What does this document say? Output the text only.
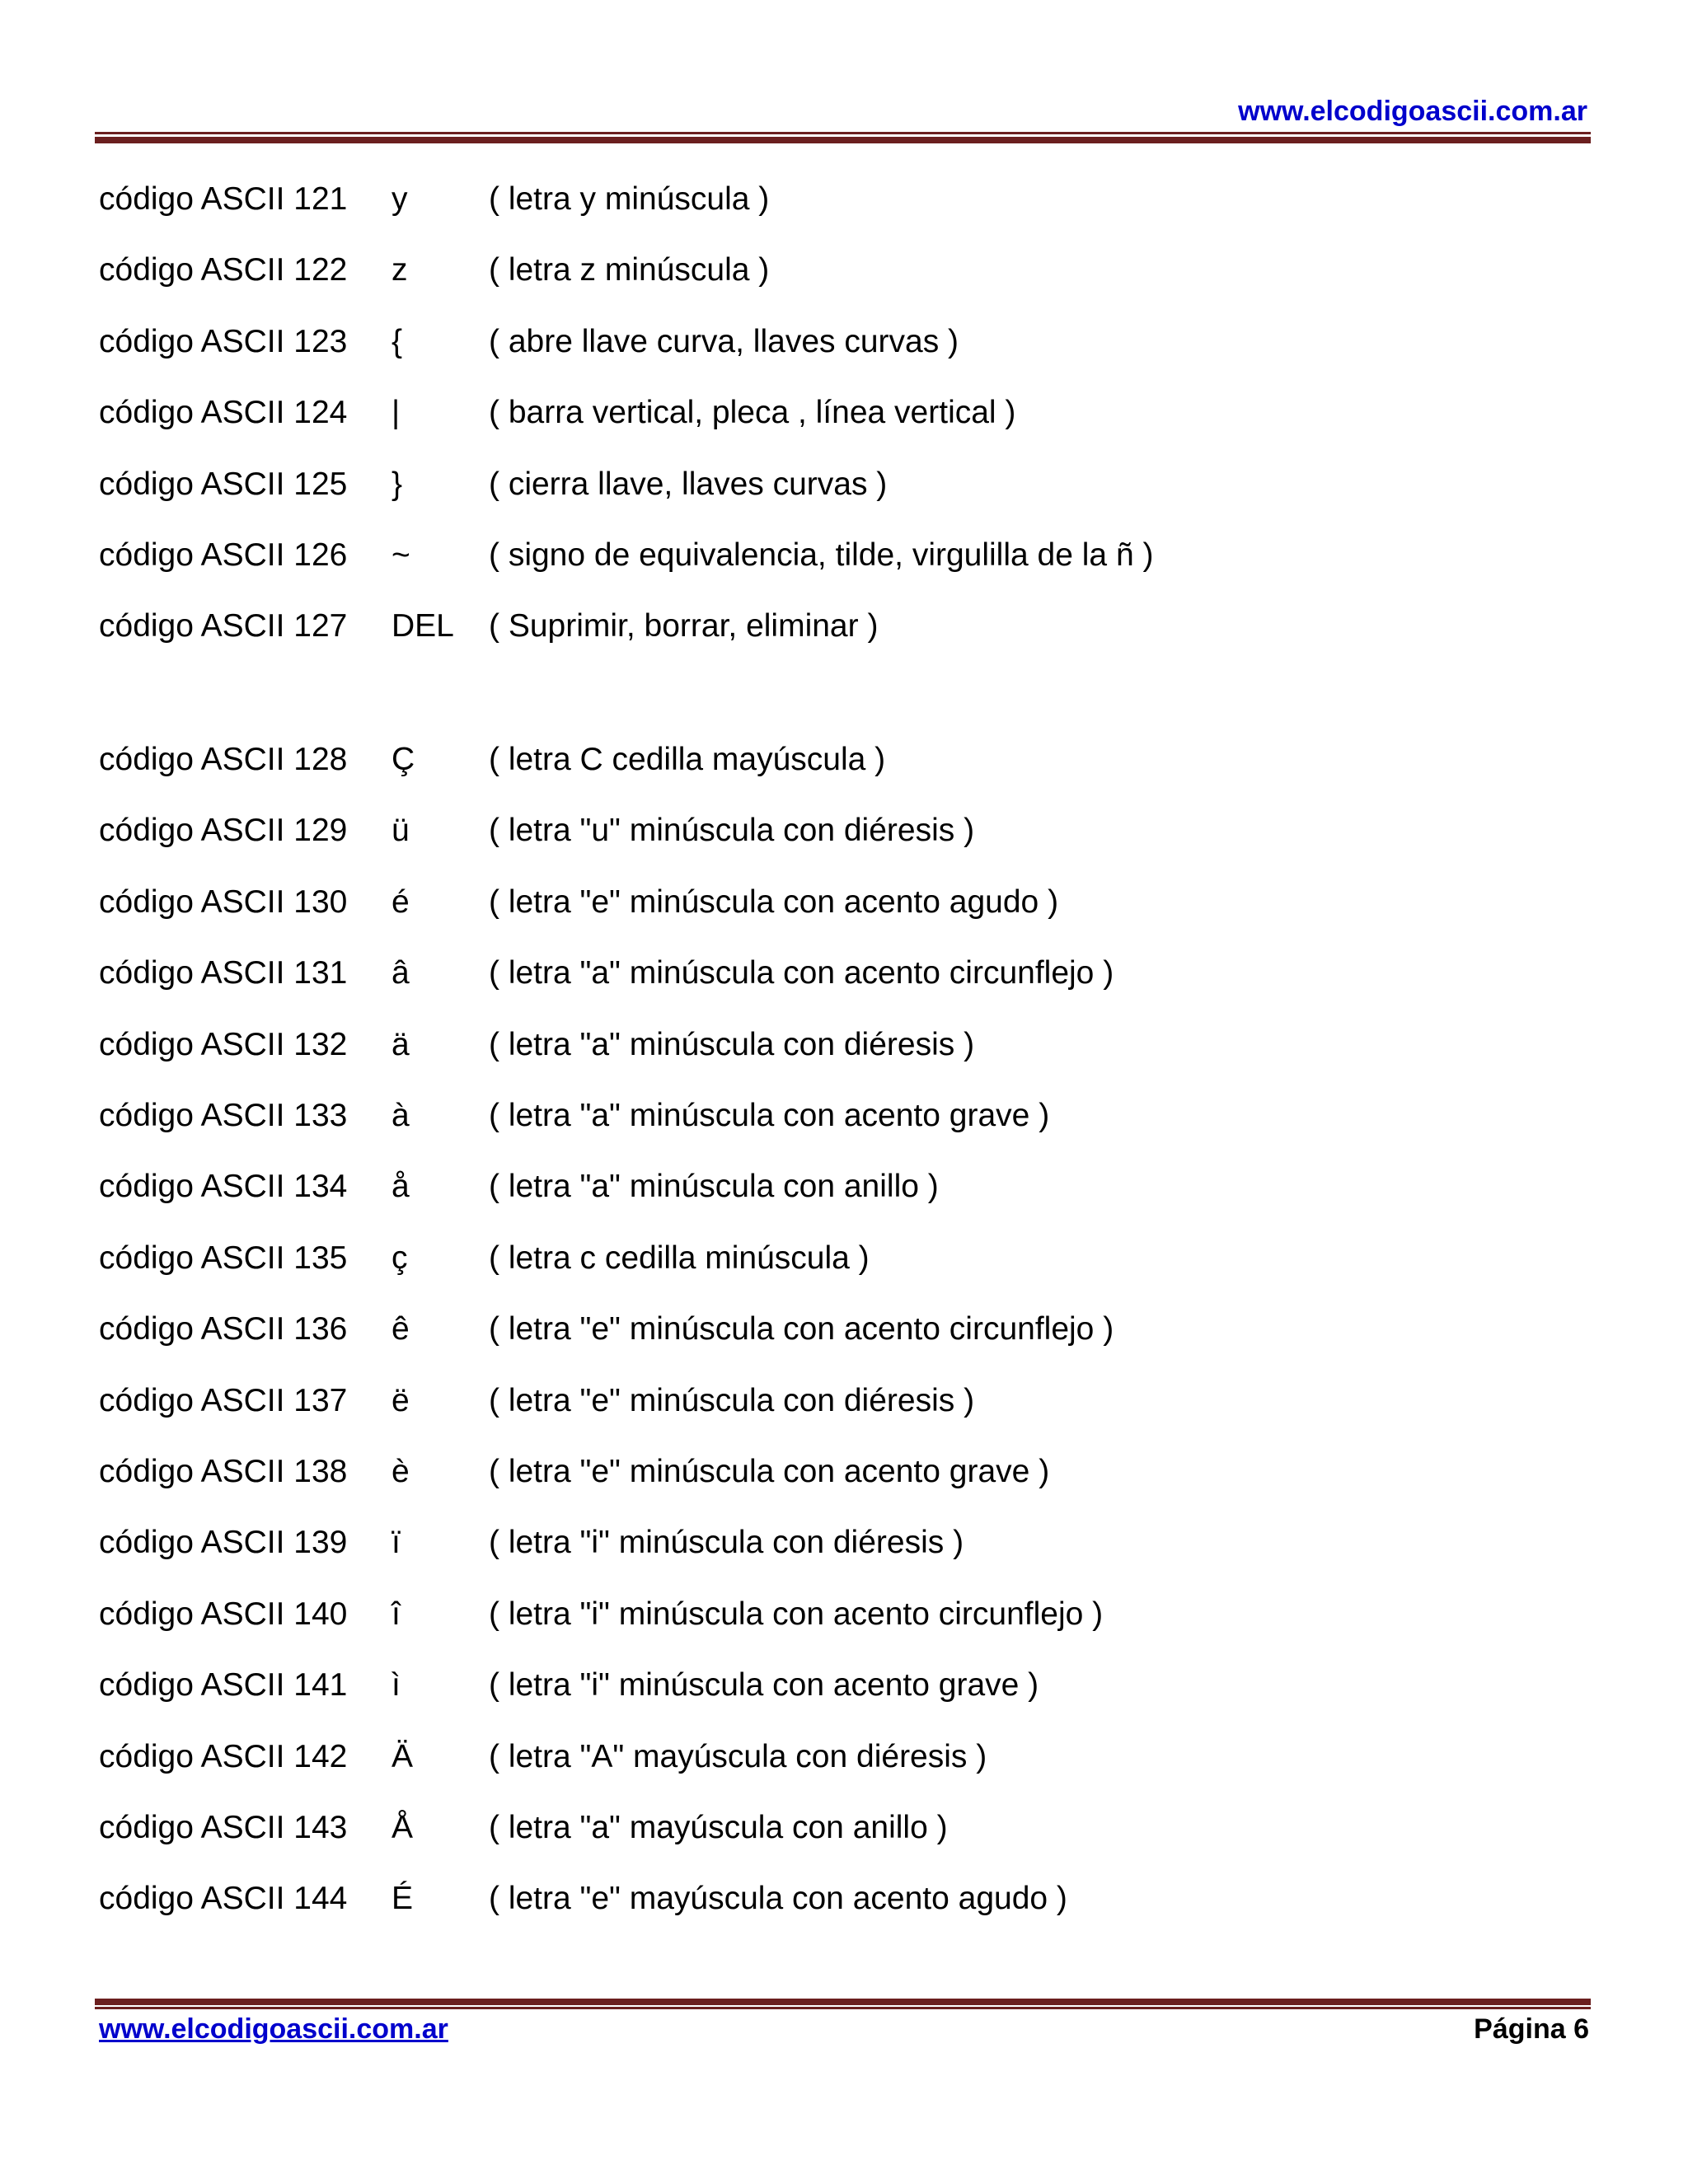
www.elcodigoascii.com.ar
código ASCII 121	y	( letra y minúscula )
código ASCII 122	z	( letra z minúscula )
código ASCII 123	{	( abre llave curva, llaves curvas )
código ASCII 124	|	( barra vertical, pleca , línea vertical )
código ASCII 125	}	( cierra llave, llaves curvas )
código ASCII 126	~	( signo de equivalencia, tilde, virgulilla de la ñ )
código ASCII 127	DEL	( Suprimir, borrar, eliminar )
código ASCII 128	Ç	( letra C cedilla mayúscula )
código ASCII 129	ü	( letra "u" minúscula con diéresis )
código ASCII 130	é	( letra "e" minúscula con acento agudo )
código ASCII 131	â	( letra "a" minúscula con acento circunflejo )
código ASCII 132	ä	( letra "a" minúscula con diéresis )
código ASCII 133	à	( letra "a" minúscula con acento grave )
código ASCII 134	å	( letra "a" minúscula con anillo )
código ASCII 135	ç	( letra c cedilla minúscula )
código ASCII 136	ê	( letra "e" minúscula con acento circunflejo )
código ASCII 137	ë	( letra "e" minúscula con diéresis )
código ASCII 138	è	( letra "e" minúscula con acento grave )
código ASCII 139	ï	( letra "i" minúscula con diéresis )
código ASCII 140	î	( letra "i" minúscula con acento circunflejo )
código ASCII 141	ì	( letra "i" minúscula con acento grave )
código ASCII 142	Ä	( letra "A" mayúscula con diéresis )
código ASCII 143	Å	( letra "a" mayúscula con anillo )
código ASCII 144	É	( letra "e" mayúscula con acento agudo )
www.elcodigoascii.com.ar	Página 6
